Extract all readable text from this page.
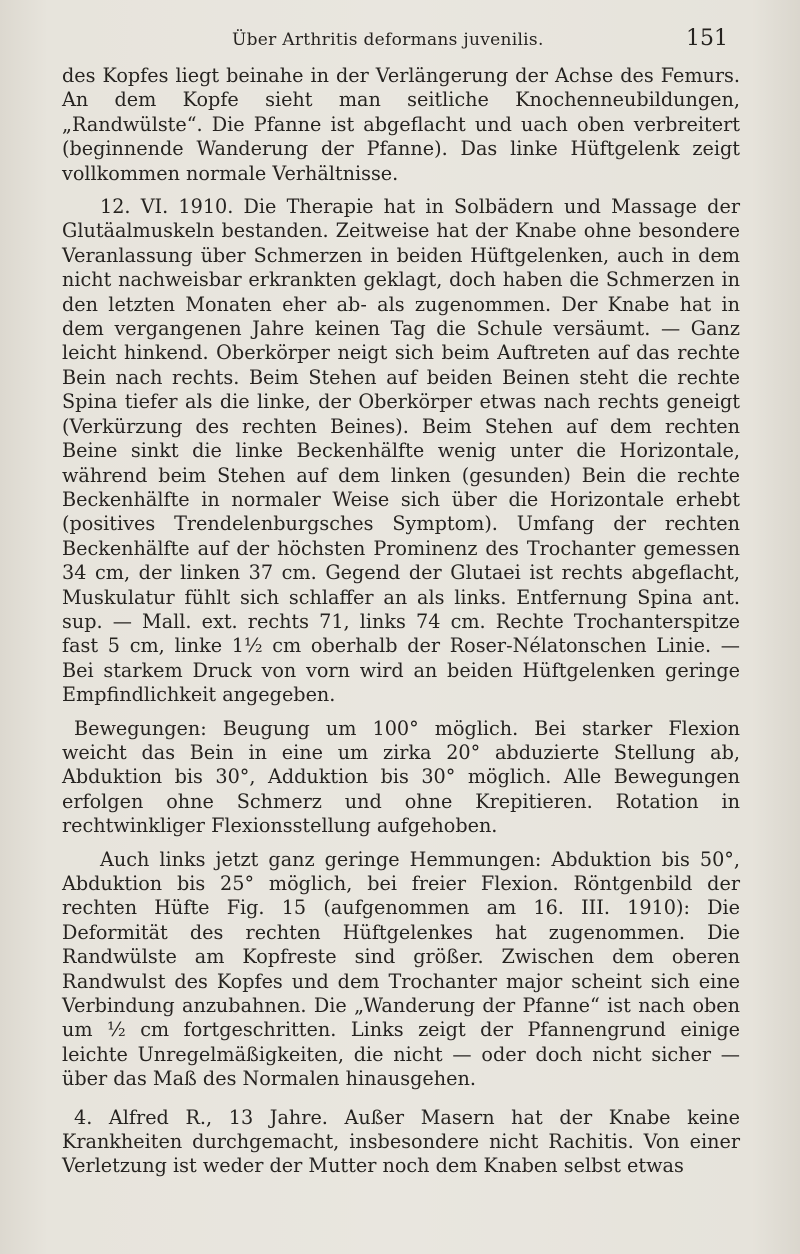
Über Arthritis deformans juvenilis.	151

des Kopfes liegt beinahe in der Verlängerung der Achse des Femurs. An dem Kopfe sieht man seitliche Knochenneubildungen, „Randwülste“. Die Pfanne ist abgeflacht und uach oben verbreitert (beginnende Wanderung der Pfanne). Das linke Hüftgelenk zeigt vollkommen normale Verhältnisse.

12. VI. 1910. Die Therapie hat in Solbädern und Massage der Glutäalmuskeln bestanden. Zeitweise hat der Knabe ohne besondere Veranlassung über Schmerzen in beiden Hüftgelenken, auch in dem nicht nachweisbar erkrankten geklagt, doch haben die Schmerzen in den letzten Monaten eher ab- als zugenommen. Der Knabe hat in dem vergangenen Jahre keinen Tag die Schule versäumt. — Ganz leicht hinkend. Oberkörper neigt sich beim Auftreten auf das rechte Bein nach rechts. Beim Stehen auf beiden Beinen steht die rechte Spina tiefer als die linke, der Oberkörper etwas nach rechts geneigt (Verkürzung des rechten Beines). Beim Stehen auf dem rechten Beine sinkt die linke Beckenhälfte wenig unter die Horizontale, während beim Stehen auf dem linken (gesunden) Bein die rechte Beckenhälfte in normaler Weise sich über die Horizontale erhebt (positives Trendelenburgsches Symptom). Umfang der rechten Beckenhälfte auf der höchsten Prominenz des Trochanter gemessen 34 cm, der linken 37 cm. Gegend der Glutaei ist rechts abgeflacht, Muskulatur fühlt sich schlaffer an als links. Entfernung Spina ant. sup. — Mall. ext. rechts 71, links 74 cm. Rechte Trochanterspitze fast 5 cm, linke 1½ cm oberhalb der Roser-Nélatonschen Linie. — Bei starkem Druck von vorn wird an beiden Hüftgelenken geringe Empfindlichkeit angegeben.

Bewegungen: Beugung um 100° möglich. Bei starker Flexion weicht das Bein in eine um zirka 20° abduzierte Stellung ab, Abduktion bis 30°, Adduktion bis 30° möglich. Alle Bewegungen erfolgen ohne Schmerz und ohne Krepitieren. Rotation in rechtwinkliger Flexionsstellung aufgehoben.

Auch links jetzt ganz geringe Hemmungen: Abduktion bis 50°, Abduktion bis 25° möglich, bei freier Flexion. Röntgenbild der rechten Hüfte Fig. 15 (aufgenommen am 16. III. 1910): Die Deformität des rechten Hüftgelenkes hat zugenommen. Die Randwülste am Kopfreste sind größer. Zwischen dem oberen Randwulst des Kopfes und dem Trochanter major scheint sich eine Verbindung anzubahnen. Die „Wanderung der Pfanne“ ist nach oben um ½ cm fortgeschritten. Links zeigt der Pfannengrund einige leichte Unregelmäßigkeiten, die nicht — oder doch nicht sicher — über das Maß des Normalen hinausgehen.

4. Alfred R., 13 Jahre. Außer Masern hat der Knabe keine Krankheiten durchgemacht, insbesondere nicht Rachitis. Von einer Verletzung ist weder der Mutter noch dem Knaben selbst etwas
